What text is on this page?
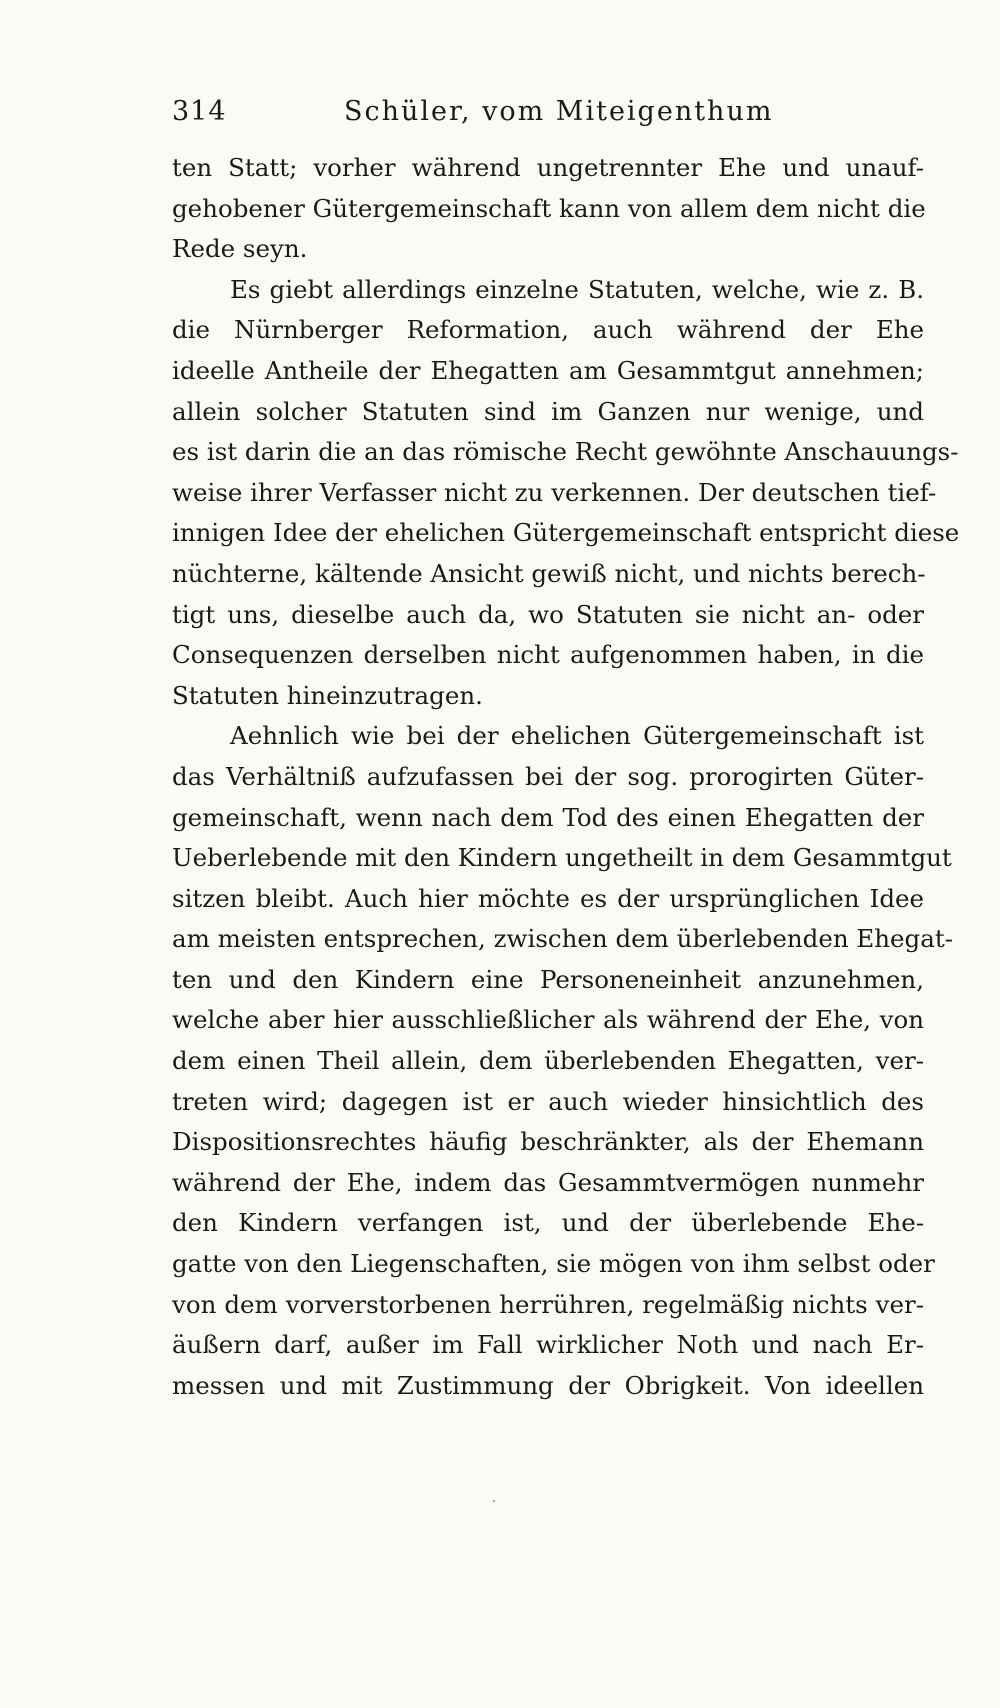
314	Schüler, vom Miteigenthum

ten Statt; vorher während ungetrennter Ehe und unauf-
gehobener Gütergemeinschaft kann von allem dem nicht die
Rede seyn.

Es giebt allerdings einzelne Statuten, welche, wie z. B.
die Nürnberger Reformation, auch während der Ehe
ideelle Antheile der Ehegatten am Gesammtgut annehmen;
allein solcher Statuten sind im Ganzen nur wenige, und
es ist darin die an das römische Recht gewöhnte Anschauungs-
weise ihrer Verfasser nicht zu verkennen. Der deutschen tief-
innigen Idee der ehelichen Gütergemeinschaft entspricht diese
nüchterne, kältende Ansicht gewiß nicht, und nichts berech-
tigt uns, dieselbe auch da, wo Statuten sie nicht an- oder
Consequenzen derselben nicht aufgenommen haben, in die
Statuten hineinzutragen.

Aehnlich wie bei der ehelichen Gütergemeinschaft ist
das Verhältniß aufzufassen bei der sog. prorogirten Güter-
gemeinschaft, wenn nach dem Tod des einen Ehegatten der
Ueberlebende mit den Kindern ungetheilt in dem Gesammtgut
sitzen bleibt. Auch hier möchte es der ursprünglichen Idee
am meisten entsprechen, zwischen dem überlebenden Ehegat-
ten und den Kindern eine Personeneinheit anzunehmen,
welche aber hier ausschließlicher als während der Ehe, von
dem einen Theil allein, dem überlebenden Ehegatten, ver-
treten wird; dagegen ist er auch wieder hinsichtlich des
Dispositionsrechtes häufig beschränkter, als der Ehemann
während der Ehe, indem das Gesammtvermögen nunmehr
den Kindern verfangen ist, und der überlebende Ehe-
gatte von den Liegenschaften, sie mögen von ihm selbst oder
von dem vorverstorbenen herrühren, regelmäßig nichts ver-
äußern darf, außer im Fall wirklicher Noth und nach Er-
messen und mit Zustimmung der Obrigkeit. Von ideellen
